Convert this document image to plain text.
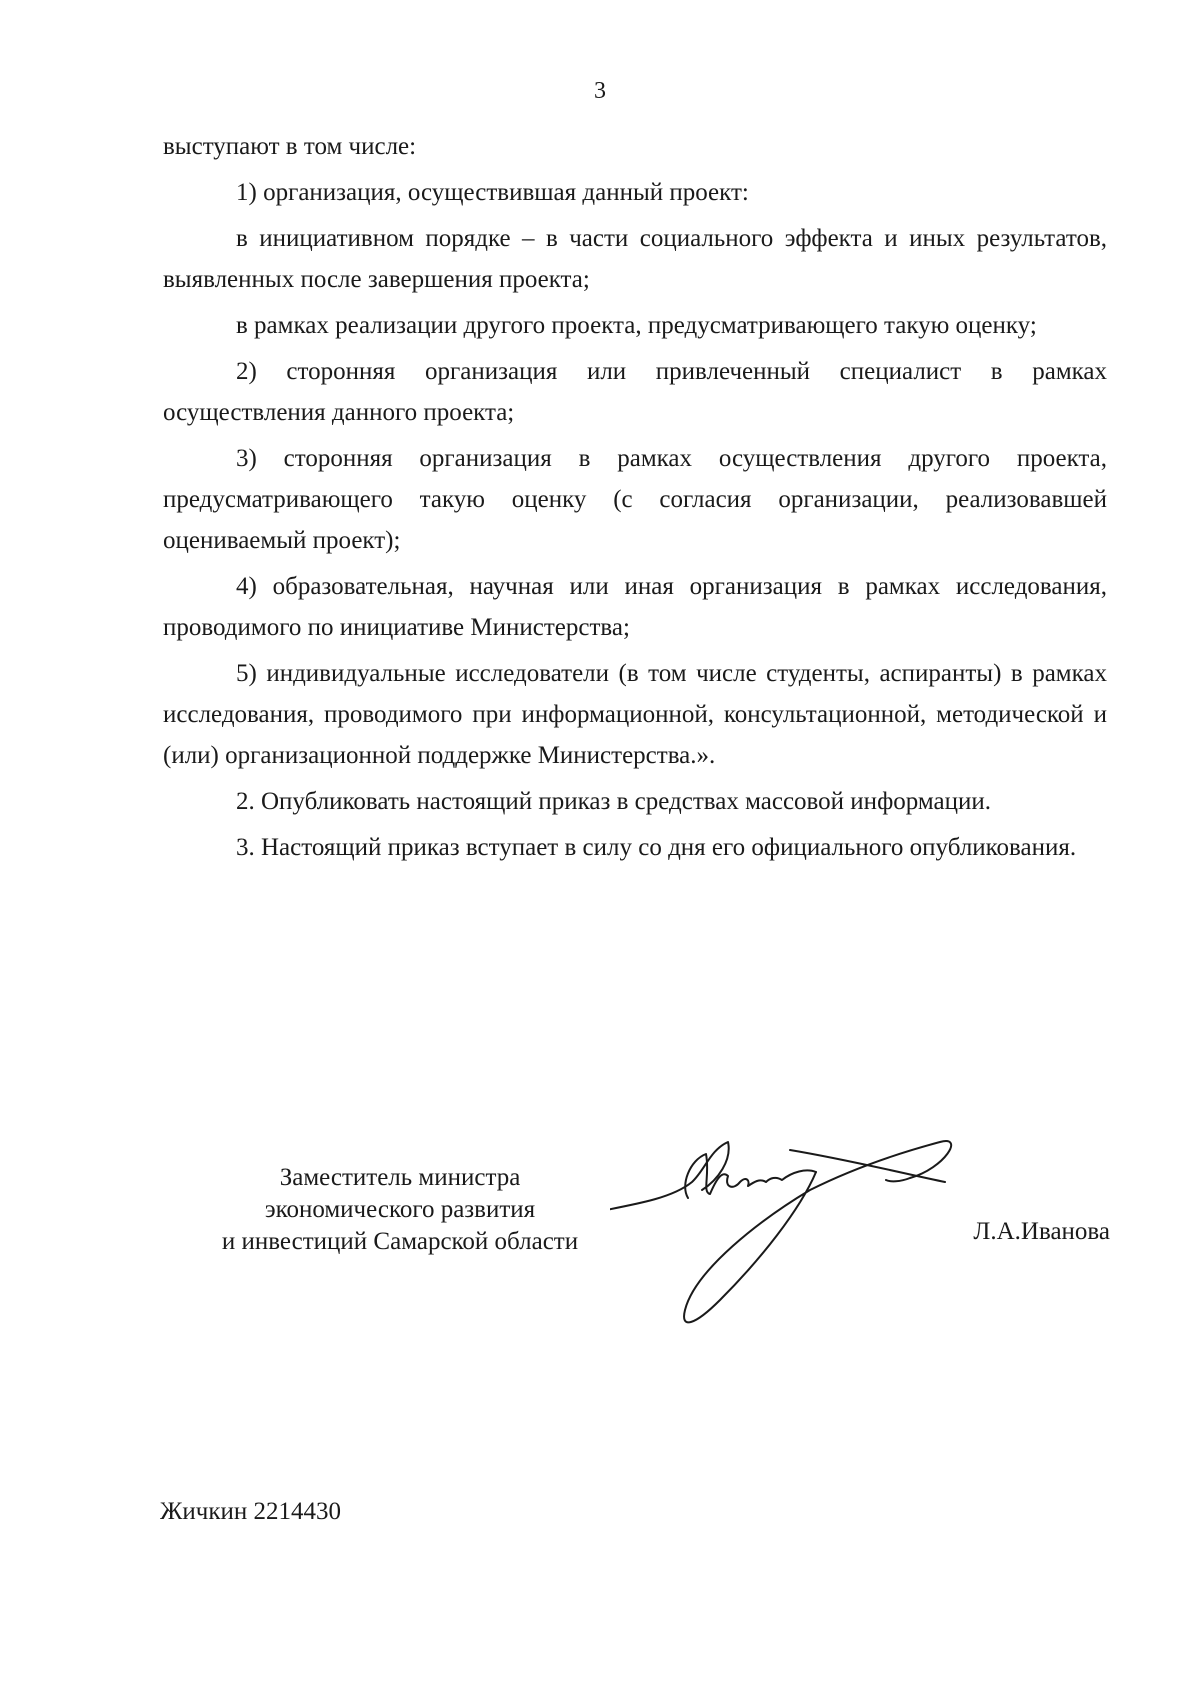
3

выступают в том числе:

1) организация, осуществившая данный проект:

в инициативном порядке – в части социального эффекта и иных результатов, выявленных после завершения проекта;

в рамках реализации другого проекта, предусматривающего такую оценку;

2) сторонняя организация или привлеченный специалист в рамках осуществления данного проекта;

3) сторонняя организация в рамках осуществления другого проекта, предусматривающего такую оценку (с согласия организации, реализовавшей оцениваемый проект);

4) образовательная, научная или иная организация в рамках исследования, проводимого по инициативе Министерства;

5) индивидуальные исследователи (в том числе студенты, аспиранты) в рамках исследования, проводимого при информационной, консультационной, методической и (или) организационной поддержке Министерства.».

2. Опубликовать настоящий приказ в средствах массовой информации.

3. Настоящий приказ вступает в силу со дня его официального опубликования.

Заместитель министра
экономического развития
и инвестиций Самарской области	Л.А.Иванова
Жичкин 2214430
